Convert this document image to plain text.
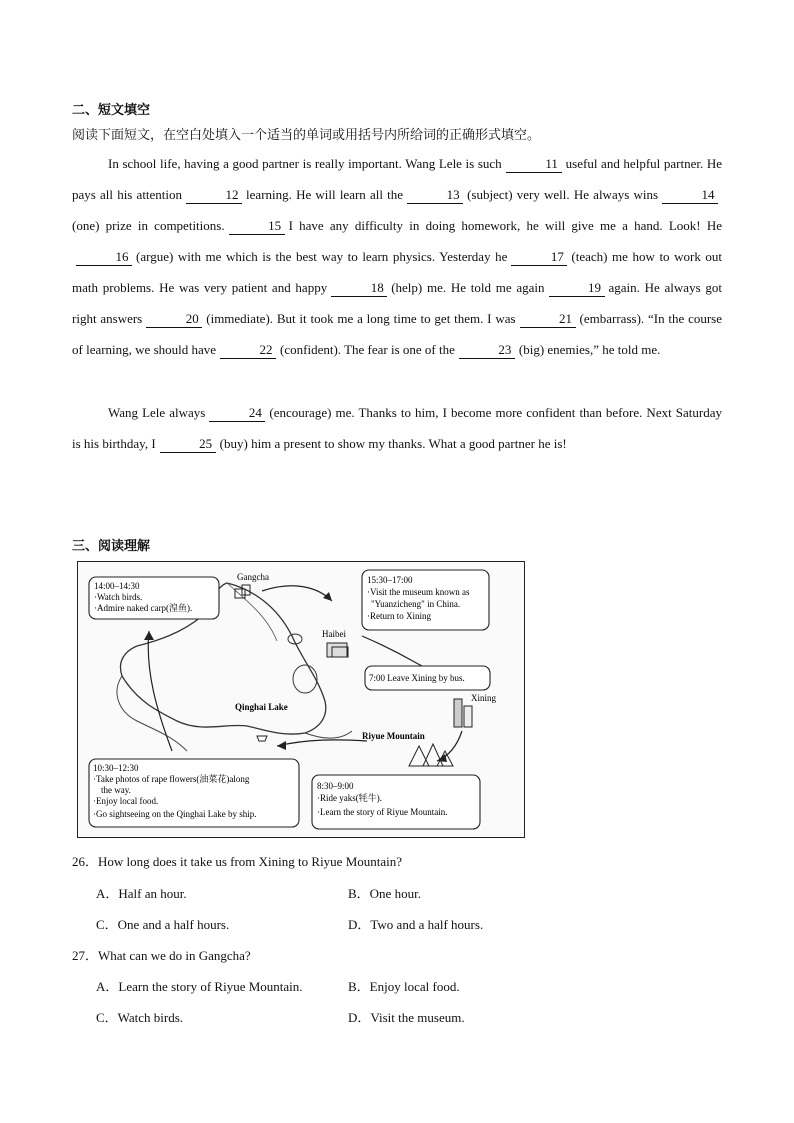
二、短文填空
阅读下面短文，在空白处填入一个适当的单词或用括号内所给词的正确形式填空。
In school life, having a good partner is really important. Wang Lele is such	11 useful and helpful partner. He pays all his attention	12 learning. He will learn all the	13 (subject) very well. He always wins	14(one) prize in competitions.	15 I have any difficulty in doing homework, he will give me a hand. Look! He16 (argue) with me which is the best way to learn physics. Yesterday he	17 (teach) me how to work out math problems. He was very patient and happy	18 (help) me. He told me again	19 again. He always got right answers	20 (immediate). But it took me a long time to get them. I was	21 (embarrass). “In the course of learning, we should have	22 (confident). The fear is one of the	23 (big) enemies,” he told me.
Wang Lele always	24 (encourage) me. Thanks to him, I become more confident than before. Next Saturday is his birthday, I	25 (buy) him a present to show my thanks. What a good partner he is!
三、阅读理解
Gangcha
Haibei
Xining
Qinghai Lake
Riyue Mountain
14:00–14:30
·Watch birds.
·Admire naked carp(湟鱼).
15:30–17:00
·Visit the museum known as
"Yuanzicheng" in China.
·Return to Xining
7:00 Leave Xining by bus.
10:30–12:30
·Take photos of rape flowers(油菜花)along
the way.
·Enjoy local food.
·Go sightseeing on the Qinghai Lake by ship.
8:30–9:00
·Ride yaks(牦牛).
·Learn the story of Riyue Mountain.
26．How long does it take us from Xining to Riyue Mountain?
A．Half an hour.	B．One hour.
C．One and a half hours.	D．Two and a half hours.
27．What can we do in Gangcha?
A．Learn the story of Riyue Mountain.	B．Enjoy local food.
C．Watch birds.	D．Visit the museum.
